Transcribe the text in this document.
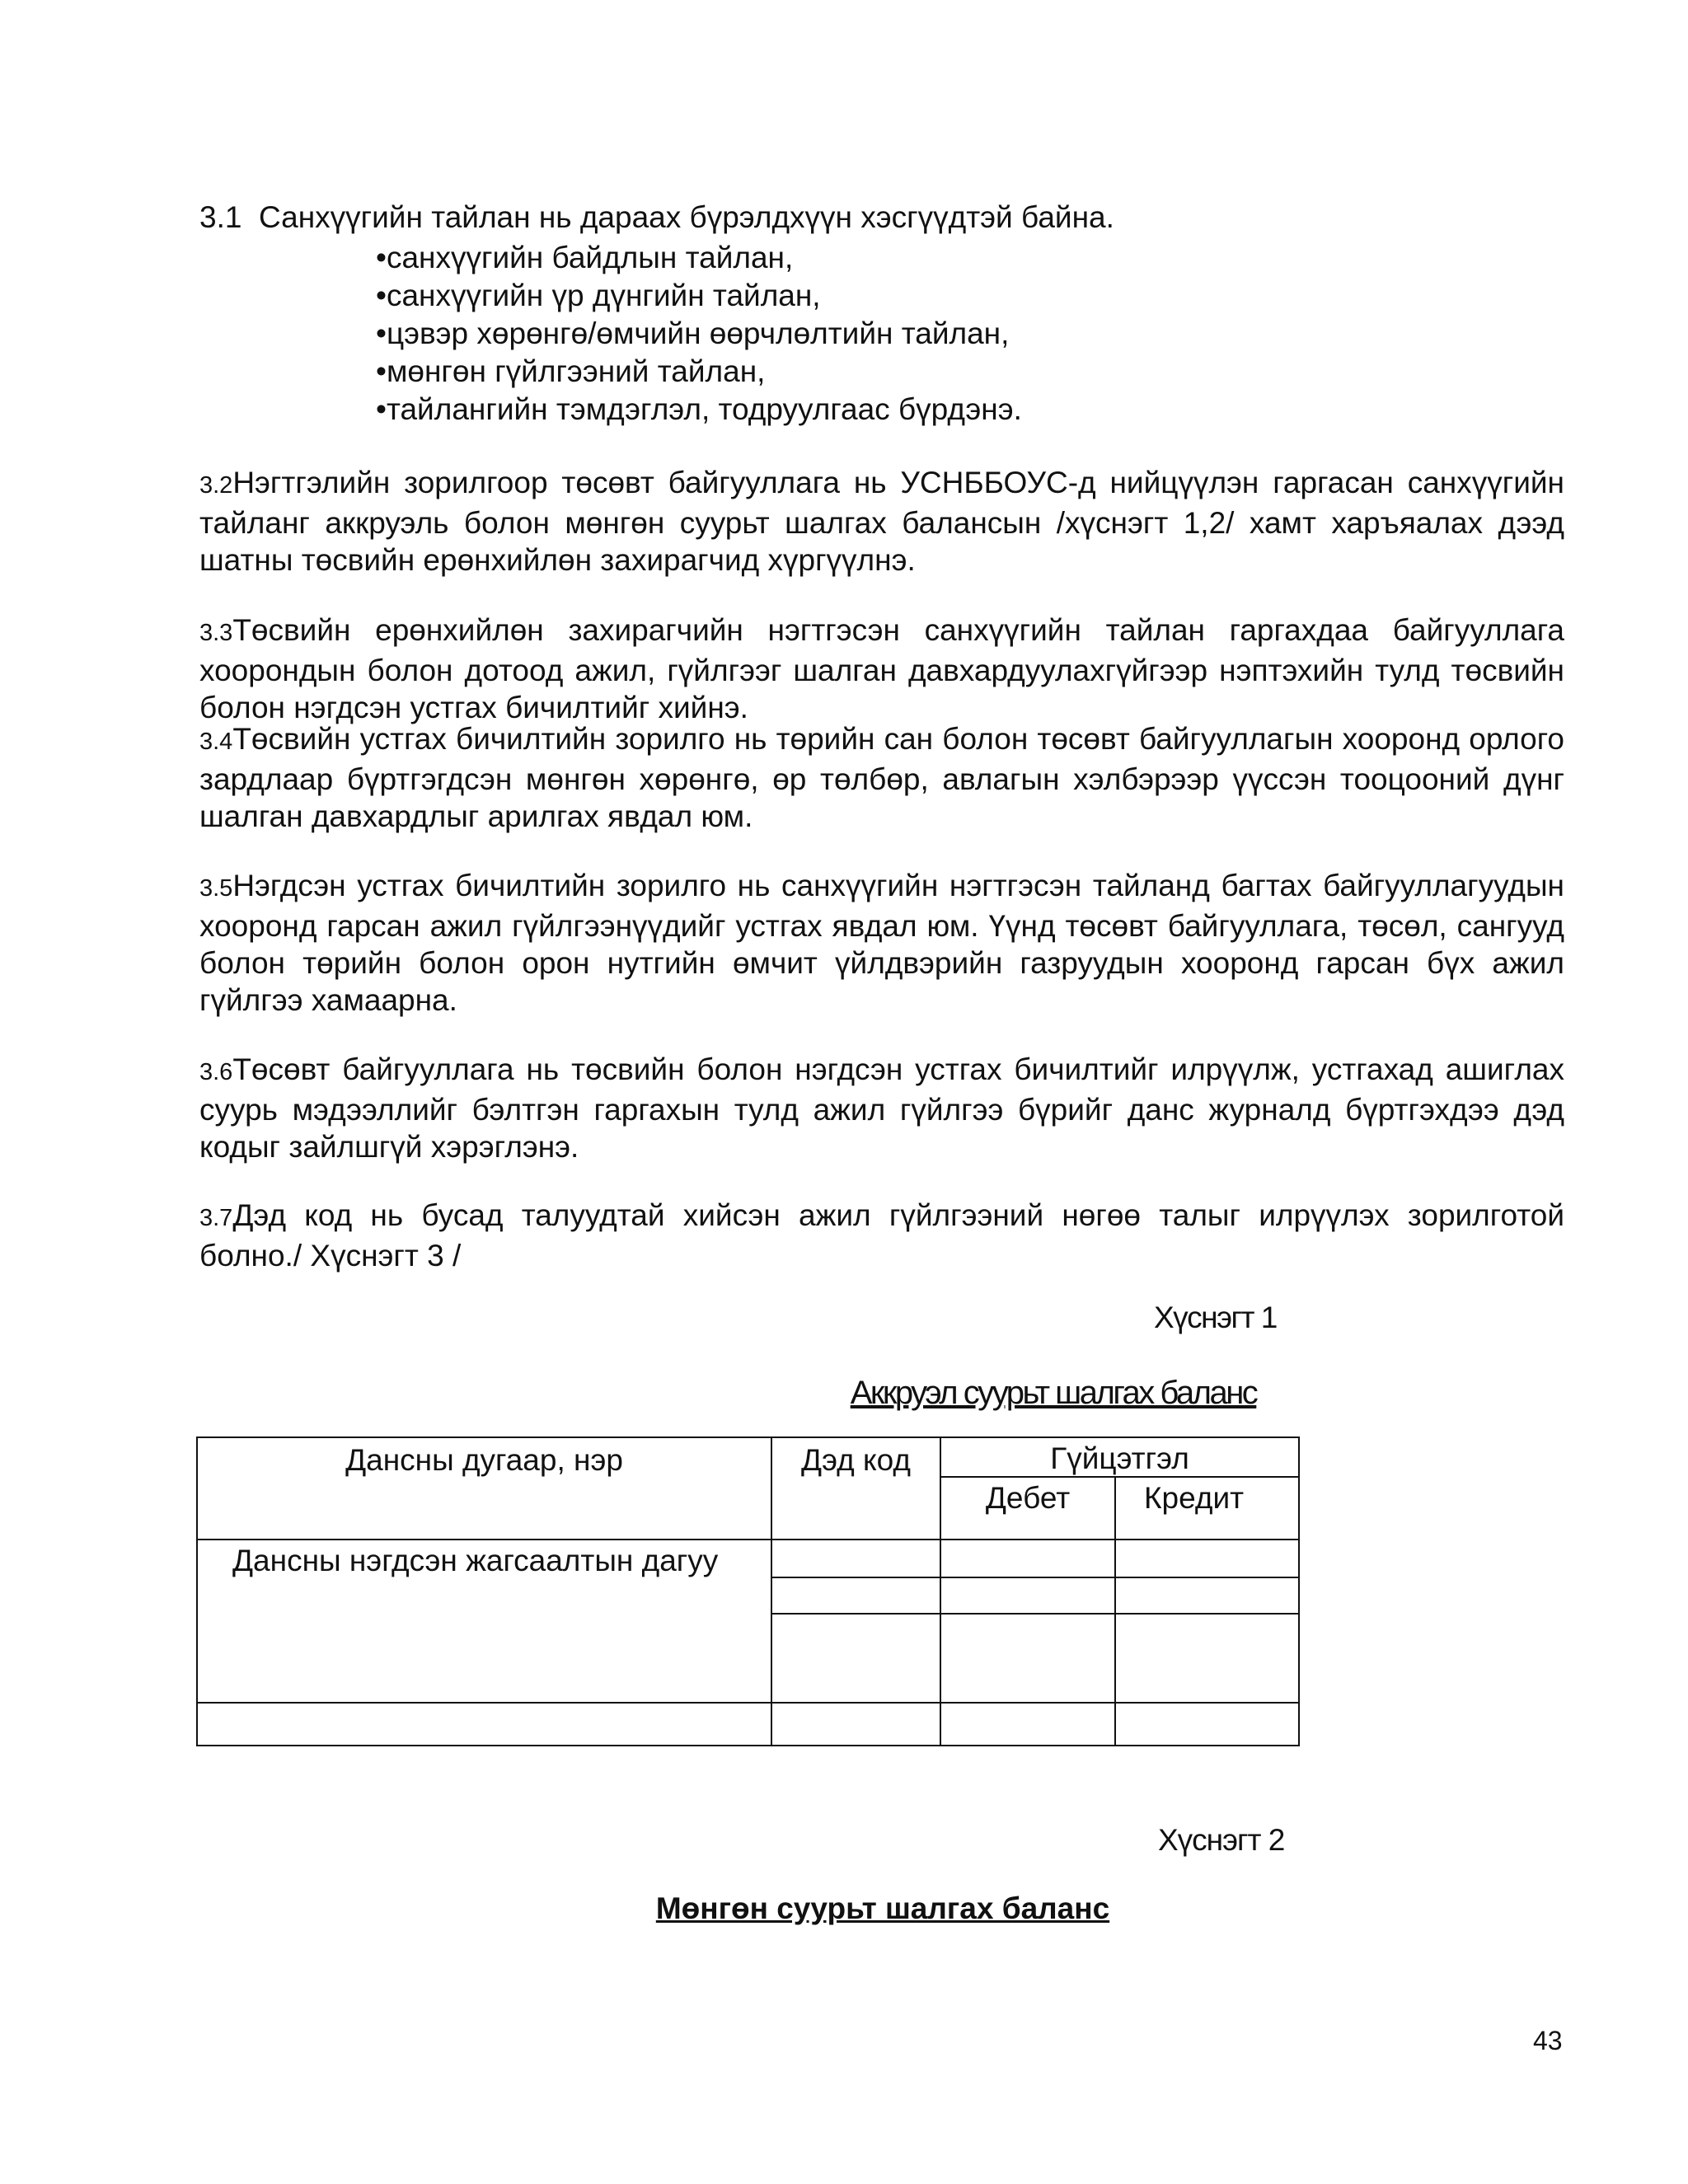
3.1 Санхүүгийн тайлан нь дараах бүрэлдхүүн хэсгүүдтэй байна.
•санхүүгийн байдлын тайлан,
•санхүүгийн үр дүнгийн тайлан,
•цэвэр хөрөнгө/өмчийн өөрчлөлтийн тайлан,
•мөнгөн гүйлгээний тайлан,
•тайлангийн тэмдэглэл, тодруулгаас бүрдэнэ.
3.2Нэгтгэлийн зорилгоор төсөвт байгууллага нь УСНББОУС-д нийцүүлэн гаргасан санхүүгийн тайланг аккруэль болон мөнгөн суурьт шалгах балансын /хүснэгт 1,2/ хамт харъяалах дээд шатны төсвийн ерөнхийлөн захирагчид хүргүүлнэ.
3.3Төсвийн ерөнхийлөн захирагчийн нэгтгэсэн санхүүгийн тайлан гаргахдаа байгууллага хоорондын болон дотоод ажил, гүйлгээг шалган давхардуулахгүйгээр нэптэхийн тулд төсвийн болон нэгдсэн устгах бичилтийг хийнэ.
3.4Төсвийн устгах бичилтийн зорилго нь төрийн сан болон төсөвт байгууллагын хооронд орлого зардлаар бүртгэгдсэн мөнгөн хөрөнгө, өр төлбөр, авлагын хэлбэрээр үүссэн тооцооний дүнг шалган давхардлыг арилгах явдал юм.
3.5Нэгдсэн устгах бичилтийн зорилго нь санхүүгийн нэгтгэсэн тайланд багтах байгууллагуудын хооронд гарсан ажил гүйлгээнүүдийг устгах явдал юм. Үүнд төсөвт байгууллага, төсөл, сангууд болон төрийн болон орон нутгийн өмчит үйлдвэрийн газруудын хооронд гарсан бүх ажил гүйлгээ хамаарна.
3.6Төсөвт байгууллага нь төсвийн болон нэгдсэн устгах бичилтийг илрүүлж, устгахад ашиглах суурь мэдээллийг бэлтгэн гаргахын тулд ажил гүйлгээ бүрийг данс журналд бүртгэхдээ дэд кодыг зайлшгүй хэрэглэнэ.
3.7Дэд код нь бусад талуудтай хийсэн ажил гүйлгээний нөгөө талыг илрүүлэх зорилготой болно./ Хүснэгт 3 /
Хүснэгт 1
Аккруэл суурьт шалгах баланс
Дансны дугаар, нэр	Дэд код	Гүйцэтгэл	
		Дебет	Кредит
Дансны нэгдсэн жагсаалтын дагуу			

Хүснэгт 2
Мөнгөн суурьт шалгах баланс
43
